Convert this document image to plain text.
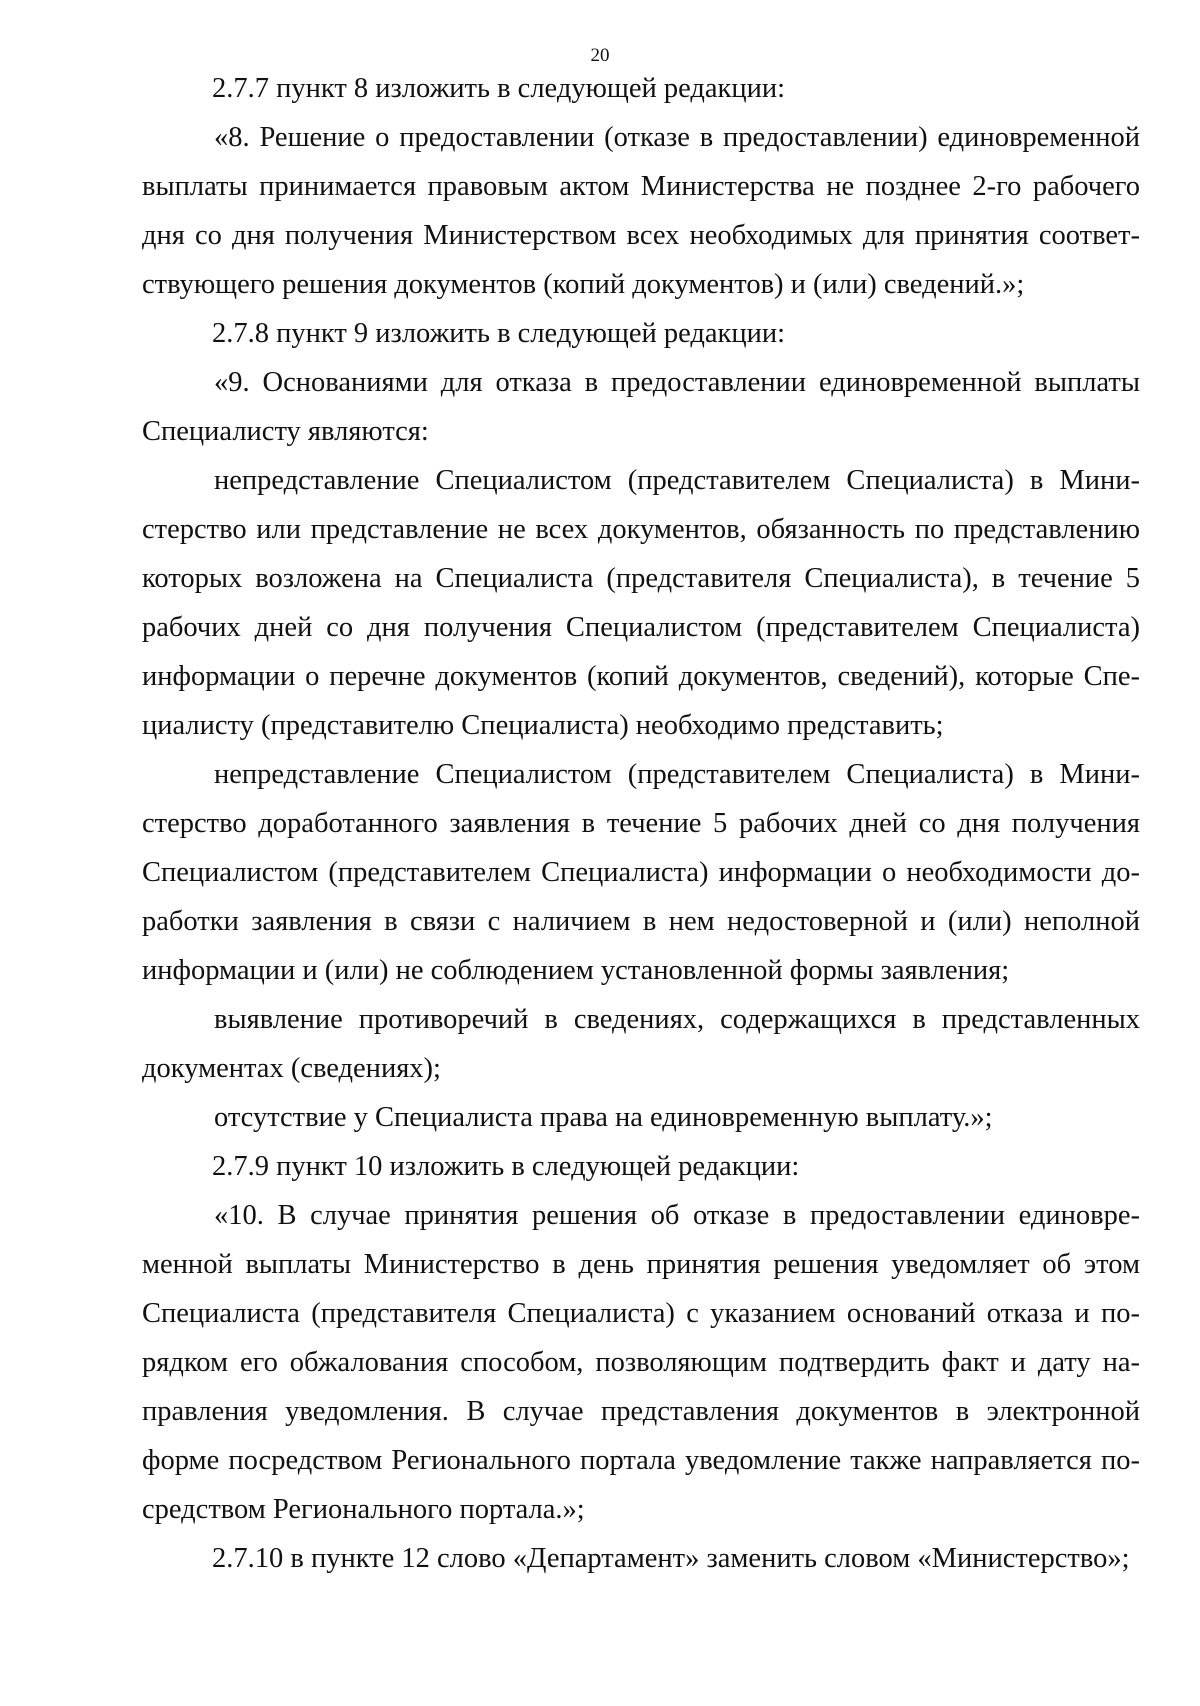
20

2.7.7 пункт 8 изложить в следующей редакции:

«8. Решение о предоставлении (отказе в предоставлении) единовременной выплаты принимается правовым актом Министерства не позднее 2-го рабочего дня со дня получения Министерством всех необходимых для принятия соответствующего решения документов (копий документов) и (или) сведений.»;

2.7.8 пункт 9 изложить в следующей редакции:

«9. Основаниями для отказа в предоставлении единовременной выплаты Специалисту являются:

непредставление Специалистом (представителем Специалиста) в Министерство или представление не всех документов, обязанность по представлению которых возложена на Специалиста (представителя Специалиста), в течение 5 рабочих дней со дня получения Специалистом (представителем Специалиста) информации о перечне документов (копий документов, сведений), которые Специалисту (представителю Специалиста) необходимо представить;

непредставление Специалистом (представителем Специалиста) в Министерство доработанного заявления в течение 5 рабочих дней со дня получения Специалистом (представителем Специалиста) информации о необходимости доработки заявления в связи с наличием в нем недостоверной и (или) неполной информации и (или) не соблюдением установленной формы заявления;

выявление противоречий в сведениях, содержащихся в представленных документах (сведениях);

отсутствие у Специалиста права на единовременную выплату.»;

2.7.9 пункт 10 изложить в следующей редакции:

«10. В случае принятия решения об отказе в предоставлении единовременной выплаты Министерство в день принятия решения уведомляет об этом Специалиста (представителя Специалиста) с указанием оснований отказа и порядком его обжалования способом, позволяющим подтвердить факт и дату направления уведомления. В случае представления документов в электронной форме посредством Регионального портала уведомление также направляется посредством Регионального портала.»;

2.7.10 в пункте 12 слово «Департамент» заменить словом «Министерство»;
